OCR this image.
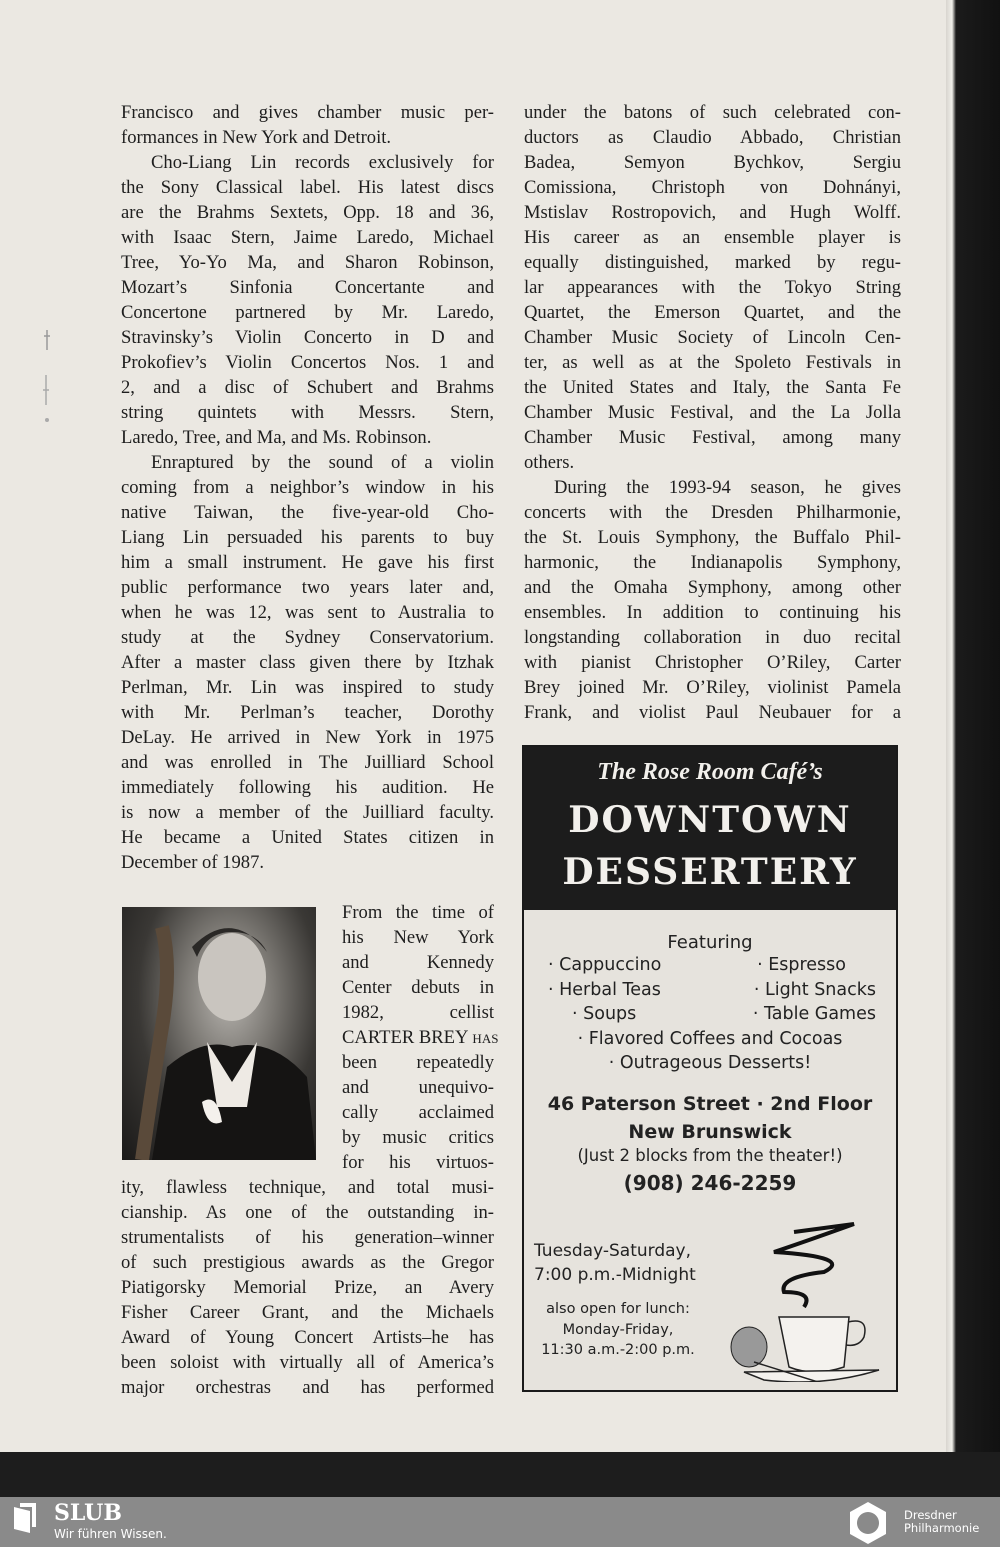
Francisco and gives chamber music per-
formances in New York and Detroit.
Cho-Liang Lin records exclusively for
the Sony Classical label. His latest discs
are the Brahms Sextets, Opp. 18 and 36,
with Isaac Stern, Jaime Laredo, Michael
Tree, Yo-Yo Ma, and Sharon Robinson,
Mozart’s Sinfonia Concertante and
Concertone partnered by Mr. Laredo,
Stravinsky’s Violin Concerto in D and
Prokofiev’s Violin Concertos Nos. 1 and
2, and a disc of Schubert and Brahms
string quintets with Messrs. Stern,
Laredo, Tree, and Ma, and Ms. Robinson.
Enraptured by the sound of a violin
coming from a neighbor’s window in his
native Taiwan, the five-year-old Cho-
Liang Lin persuaded his parents to buy
him a small instrument. He gave his first
public performance two years later and,
when he was 12, was sent to Australia to
study at the Sydney Conservatorium.
After a master class given there by Itzhak
Perlman, Mr. Lin was inspired to study
with Mr. Perlman’s teacher, Dorothy
DeLay. He arrived in New York in 1975
and was enrolled in The Juilliard School
immediately following his audition. He
is now a member of the Juilliard faculty.
He became a United States citizen in
December of 1987.
From the time of
his New York
and Kennedy
Center debuts in
1982, cellist
CARTER BREY has
been repeatedly
and unequivo-
cally acclaimed
by music critics
for his virtuos-
ity, flawless technique, and total musi-
cianship. As one of the outstanding in-
strumentalists of his generation–winner
of such prestigious awards as the Gregor
Piatigorsky Memorial Prize, an Avery
Fisher Career Grant, and the Michaels
Award of Young Concert Artists–he has
been soloist with virtually all of America’s
major orchestras and has performed
under the batons of such celebrated con-
ductors as Claudio Abbado, Christian
Badea, Semyon Bychkov, Sergiu
Comissiona, Christoph von Dohnányi,
Mstislav Rostropovich, and Hugh Wolff.
His career as an ensemble player is
equally distinguished, marked by regu-
lar appearances with the Tokyo String
Quartet, the Emerson Quartet, and the
Chamber Music Society of Lincoln Cen-
ter, as well as at the Spoleto Festivals in
the United States and Italy, the Santa Fe
Chamber Music Festival, and the La Jolla
Chamber Music Festival, among many
others.
During the 1993-94 season, he gives
concerts with the Dresden Philharmonie,
the St. Louis Symphony, the Buffalo Phil-
harmonic, the Indianapolis Symphony,
and the Omaha Symphony, among other
ensembles. In addition to continuing his
longstanding collaboration in duo recital
with pianist Christopher O’Riley, Carter
Brey joined Mr. O’Riley, violinist Pamela
Frank, and violist Paul Neubauer for a
The Rose Room Café’s
DOWNTOWN
DESSERTERY
Featuring
· Cappuccino	· Espresso
· Herbal Teas	· Light Snacks
· Soups	· Table Games
· Flavored Coffees and Cocoas
· Outrageous Desserts!
46 Paterson Street · 2nd Floor
New Brunswick
(Just 2 blocks from the theater!)
(908) 246-2259
Tuesday-Saturday,
7:00 p.m.-Midnight
also open for lunch:
Monday-Friday,
11:30 a.m.-2:00 p.m.
SLUB
Wir führen Wissen.
Dresdner
Philharmonie
